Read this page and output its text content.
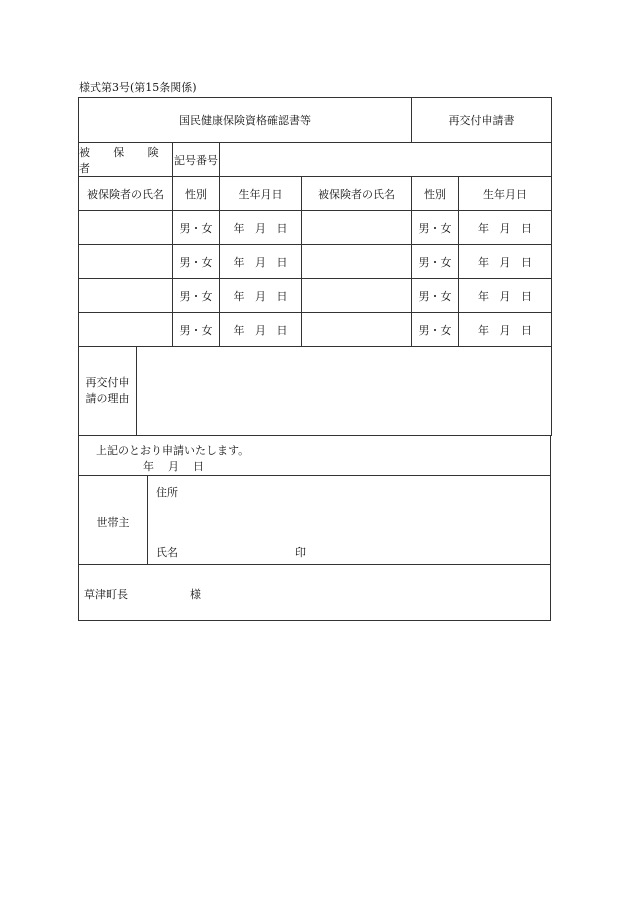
様式第3号(第15条関係)
国民健康保険資格確認書等				再交付申請書	
被 保 険 者	記号番号				
被保険者の氏名	性別	生年月日	被保険者の氏名	性別	生年月日
	男・女	年   月   日		男・女	年   月   日
	男・女	年   月   日		男・女	年   月   日
	男・女	年   月   日		男・女	年   月   日
	男・女	年   月   日		男・女	年   月   日
再交付申
請の理由

上記のとおり申請いたします。
年    月    日
世帯主
住所
氏名	印
草津町長	様
